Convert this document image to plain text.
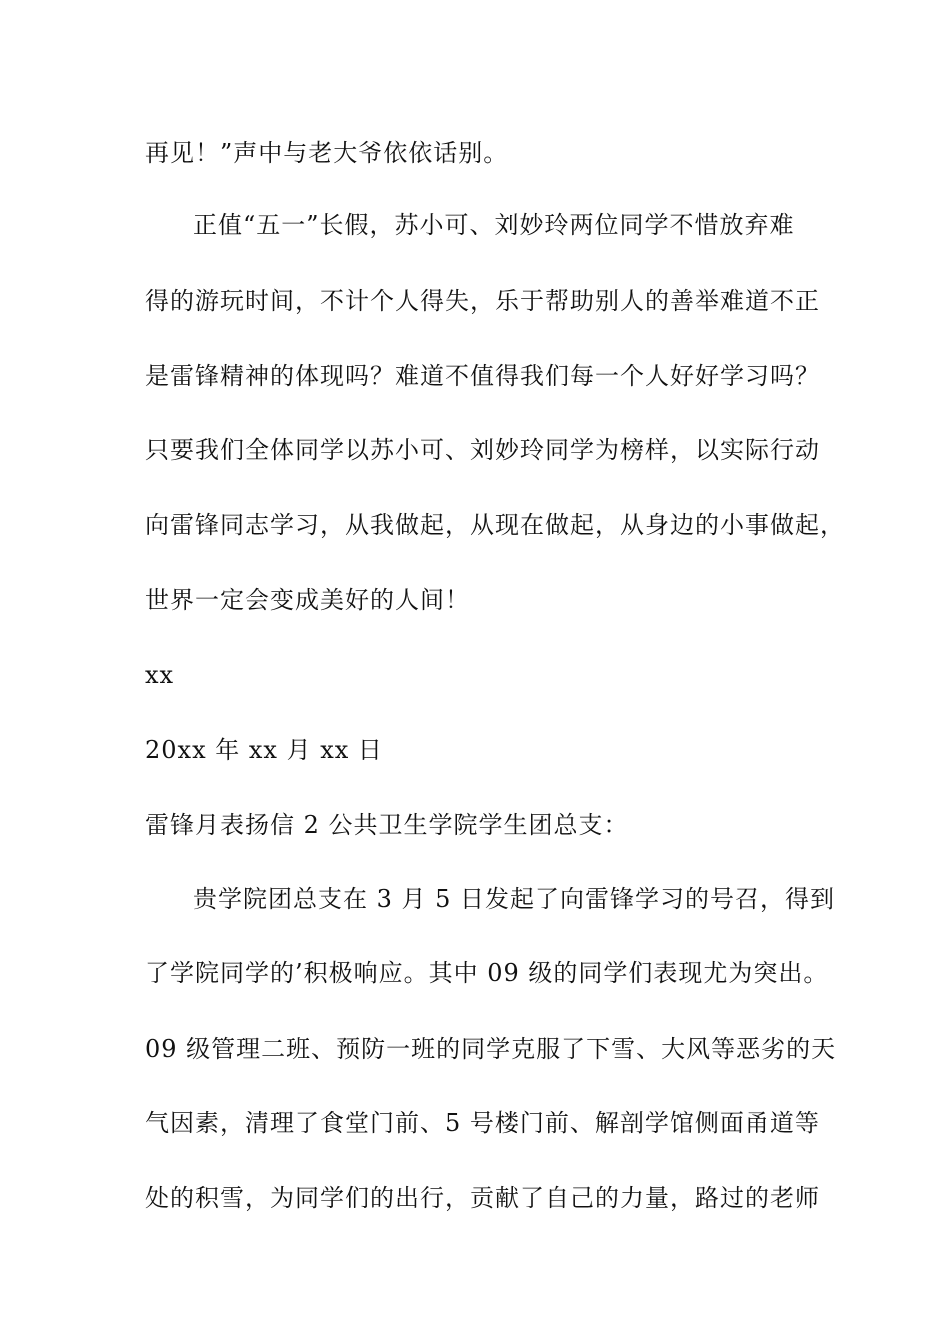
再见！”声中与老大爷依依话别。
正值“五一”长假，苏小可、刘妙玲两位同学不惜放弃难
得的游玩时间，不计个人得失，乐于帮助别人的善举难道不正
是雷锋精神的体现吗？难道不值得我们每一个人好好学习吗？
只要我们全体同学以苏小可、刘妙玲同学为榜样，以实际行动
向雷锋同志学习，从我做起，从现在做起，从身边的小事做起，
世界一定会变成美好的人间！
xx
20xx 年 xx 月 xx 日
雷锋月表扬信 2 公共卫生学院学生团总支：
贵学院团总支在 3 月 5 日发起了向雷锋学习的号召，得到
了学院同学的’积极响应。其中 09 级的同学们表现尤为突出。
09 级管理二班、预防一班的同学克服了下雪、大风等恶劣的天
气因素，清理了食堂门前、5 号楼门前、解剖学馆侧面甬道等
处的积雪，为同学们的出行，贡献了自己的力量，路过的老师
